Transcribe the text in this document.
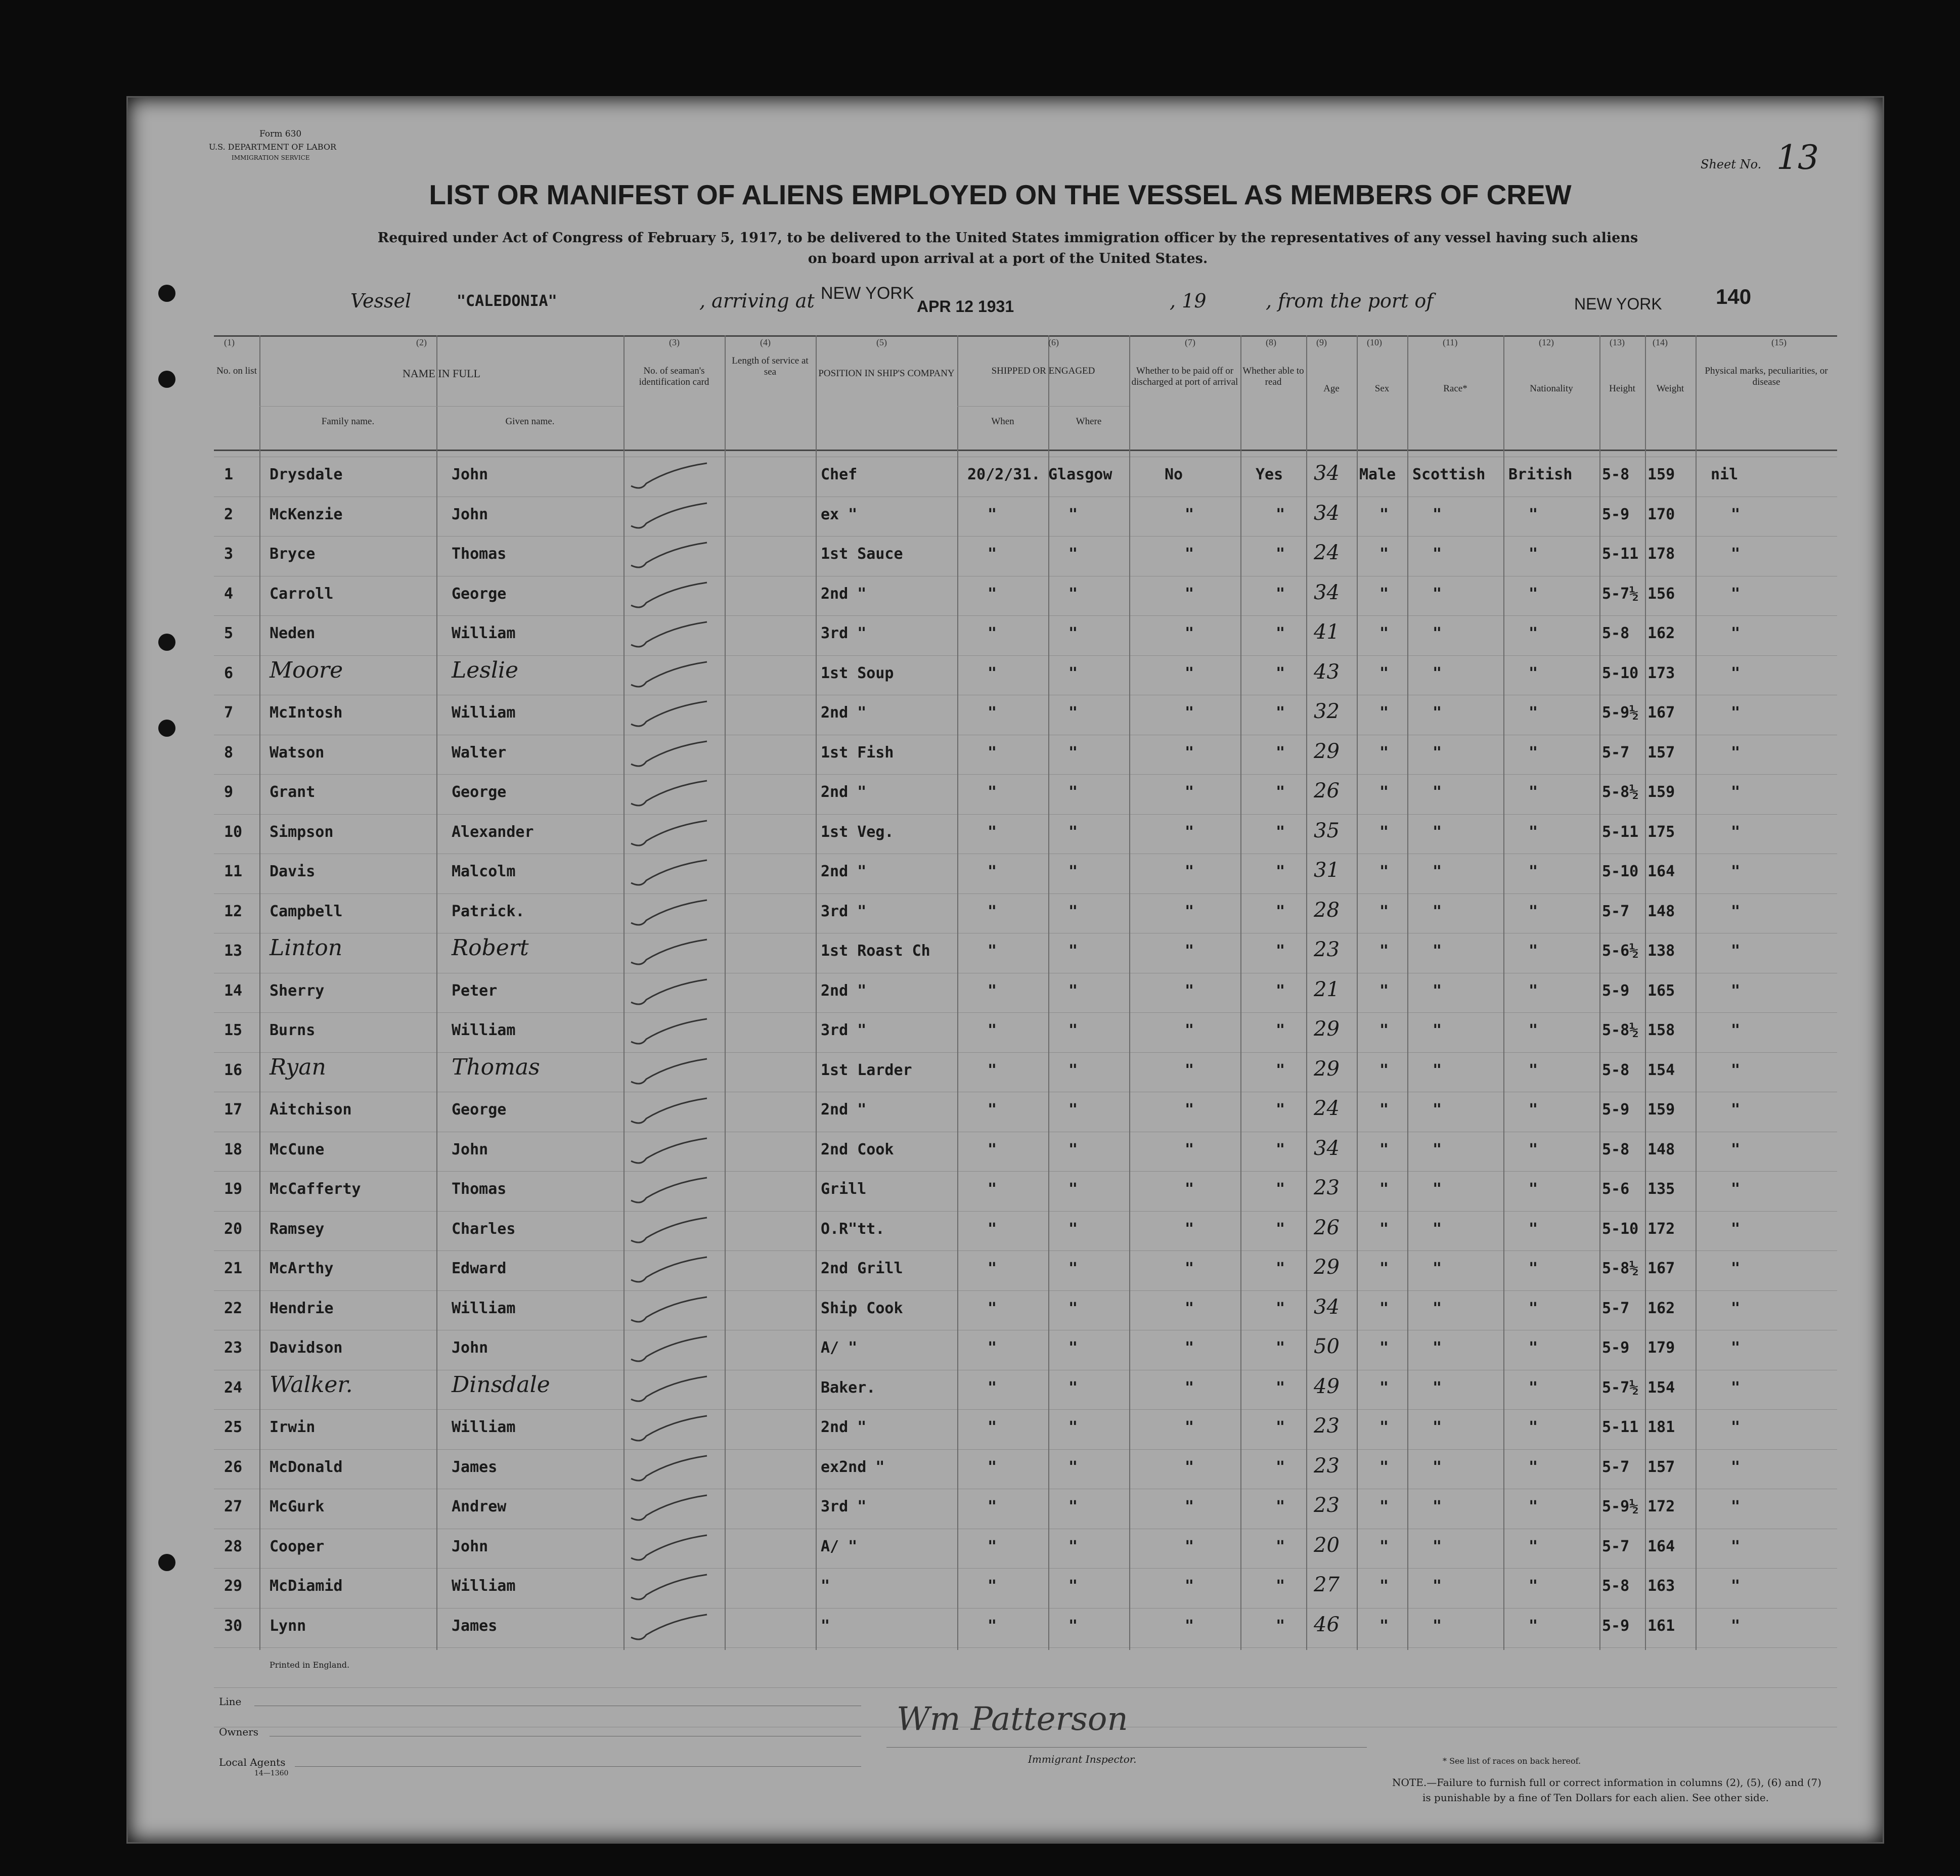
Form 630
U.S. DEPARTMENT OF LABOR
IMMIGRATION SERVICE	Sheet No. 13
LIST OR MANIFEST OF ALIENS EMPLOYED ON THE VESSEL AS MEMBERS OF CREW
Required under Act of Congress of February 5, 1917, to be delivered to the United States immigration officer by the representatives of any vessel having such aliens
on board upon arrival at a port of the United States.
Vessel	"CALEDONIA"	, arriving at NEW YORK
APR 12 1931	, 19	, from the port of	NEW YORK	140
(1)
No. on list
(2)
NAME IN FULL
Family name.	Given name.
(3)
No. of seaman's identification card
(4)
Length of service at sea
(5)
POSITION IN SHIP'S COMPANY
(6)
SHIPPED OR ENGAGED
When	Where
(7)
Whether to be paid off or discharged at port of arrival
(8)
Whether able to read
(9)
Age
(10)
Sex
(11)
Race*
(12)
Nationality
(13)
Height
(14)
Weight
(15)
Physical marks, peculiarities, or disease
1 Drysdale	John	Chef	20/2/31. Glasgow	No	Yes 34 Male Scottish British 5-8 159 nil
2 McKenzie	John	ex "	"	"	"	" 34	"	"	"	5-9 170	"
3 Bryce	Thomas	1st Sauce	"	"	"	" 24	"	"	"	5-11 178	"
4 Carroll	George	2nd "	"	"	"	" 34	"	"	"	5-7½ 156	"
5 Neden	William	3rd "	"	"	"	" 41	"	"	"	5-8 162	"
6 Moore	Leslie	1st Soup	"	"	"	" 43	"	"	"	5-10 173	"
7 McIntosh	William	2nd "	"	"	"	" 32	"	"	"	5-9½ 167	"
8 Watson	Walter	1st Fish	"	"	"	" 29	"	"	"	5-7 157	"
9 Grant	George	2nd "	"	"	"	" 26	"	"	"	5-8½ 159	"
10 Simpson	Alexander	1st Veg.	"	"	"	" 35	"	"	"	5-11 175	"
11 Davis	Malcolm	2nd "	"	"	"	" 31	"	"	"	5-10 164	"
12 Campbell	Patrick.	3rd "	"	"	"	" 28	"	"	"	5-7 148	"
13 Linton	Robert	1st Roast Ch	"	"	"	" 23	"	"	"	5-6½ 138	"
14 Sherry	Peter	2nd "	"	"	"	" 21	"	"	"	5-9 165	"
15 Burns	William	3rd "	"	"	"	" 29	"	"	"	5-8½ 158	"
16 Ryan	Thomas	1st Larder	"	"	"	" 29	"	"	"	5-8 154	"
17 Aitchison	George	2nd "	"	"	"	" 24	"	"	"	5-9 159	"
18 McCune	John	2nd Cook	"	"	"	" 34	"	"	"	5-8 148	"
19 McCafferty	Thomas	Grill	"	"	"	" 23	"	"	"	5-6 135	"
20 Ramsey	Charles	O.R"tt.	"	"	"	" 26	"	"	"	5-10 172	"
21 McArthy	Edward	2nd Grill	"	"	"	" 29	"	"	"	5-8½ 167	"
22 Hendrie	William	Ship Cook	"	"	"	" 34	"	"	"	5-7 162	"
23 Davidson	John	A/ "	"	"	"	" 50	"	"	"	5-9 179	"
24 Walker.	Dinsdale	Baker.	"	"	"	" 49	"	"	"	5-7½ 154	"
25 Irwin	William	2nd "	"	"	"	" 23	"	"	"	5-11 181	"
26 McDonald	James	ex2nd "	"	"	"	" 23	"	"	"	5-7 157	"
27 McGurk	Andrew	3rd "	"	"	"	" 23	"	"	"	5-9½ 172	"
28 Cooper	John	A/ "	"	"	"	" 20	"	"	"	5-7 164	"
29 McDiamid	William	"	"	"	"	" 27	"	"	"	5-8 163	"
30 Lynn	James	"	"	"	"	" 46	"	"	"	5-9 161	"
Printed in England.
Line
Owners
Local Agents
14—1360
Wm Patterson
Immigrant Inspector.	* See list of races on back hereof.
NOTE.—Failure to furnish full or correct information in columns (2), (5), (6) and (7)
is punishable by a fine of Ten Dollars for each alien. See other side.
